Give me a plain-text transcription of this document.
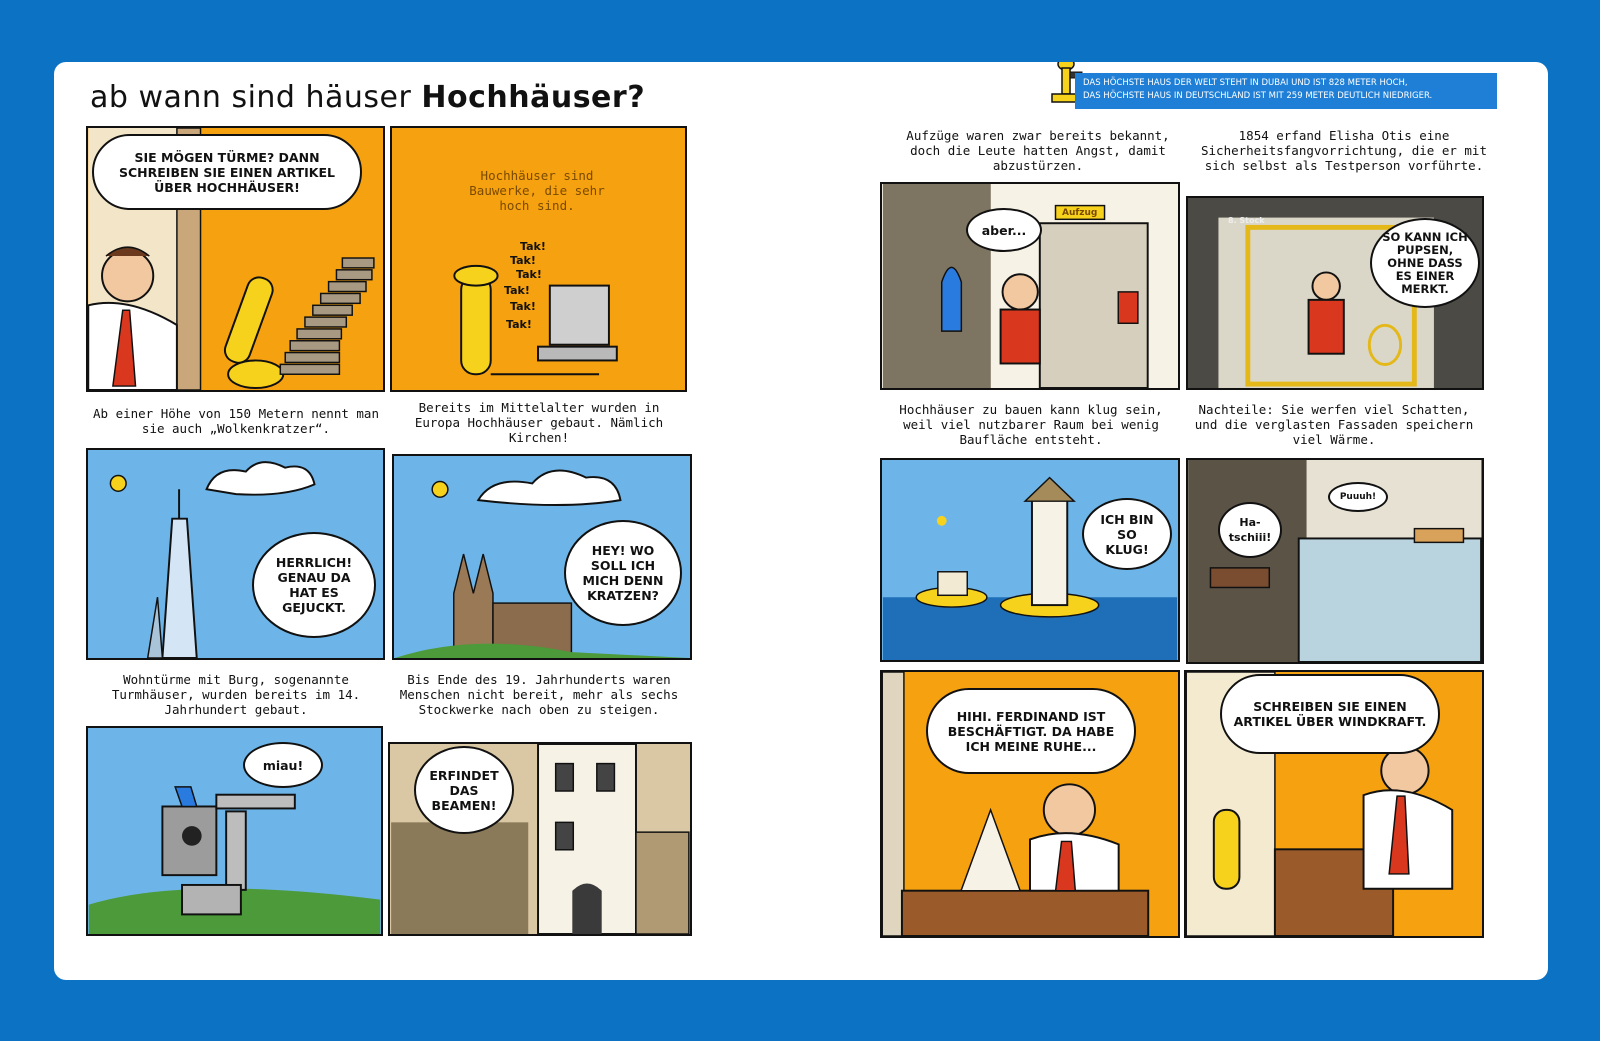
ab wann sind häuser Hochhäuser?	DAS HÖCHSTE HAUS DER WELT STEHT IN DUBAI UND IST 828 METER HOCH,
DAS HÖCHSTE HAUS IN DEUTSCHLAND IST MIT 259 METER DEUTLICH NIEDRIGER.
SIE MÖGEN TÜRME? DANN SCHREIBEN SIE EINEN ARTIKEL ÜBER HOCHHÄUSER!
Hochhäuser sind Bauwerke, die sehr hoch sind.
Tak!
Tak!
Tak!
Tak!
Tak!
Tak!
Ab einer Höhe von 150 Metern nennt man sie auch „Wolkenkratzer“.
Bereits im Mittelalter wurden in Europa Hochhäuser gebaut. Nämlich Kirchen!
HERRLICH! GENAU DA HAT ES GEJUCKT.
HEY! WO SOLL ICH MICH DENN KRATZEN?
Wohntürme mit Burg, sogenannte Turmhäuser, wurden bereits im 14. Jahrhundert gebaut.
Bis Ende des 19. Jahrhunderts waren Menschen nicht bereit, mehr als sechs Stockwerke nach oben zu steigen.
miau!
ERFINDET DAS BEAMEN!
Aufzüge waren zwar bereits bekannt, doch die Leute hatten Angst, damit abzustürzen.
1854 erfand Elisha Otis eine Sicherheitsfangvorrichtung, die er mit sich selbst als Testperson vorführte.
aber...
Aufzug
SO KANN ICH PUPSEN, OHNE DASS ES EINER MERKT.
8. Stock
Hochhäuser zu bauen kann klug sein, weil viel nutzbarer Raum bei wenig Baufläche entsteht.
Nachteile: Sie werfen viel Schatten, und die verglasten Fassaden speichern viel Wärme.
ICH BIN SO KLUG!
Ha-tschiii!
Puuuh!
HIHI. FERDINAND IST BESCHÄFTIGT. DA HABE ICH MEINE RUHE...
SCHREIBEN SIE EINEN ARTIKEL ÜBER WINDKRAFT.
